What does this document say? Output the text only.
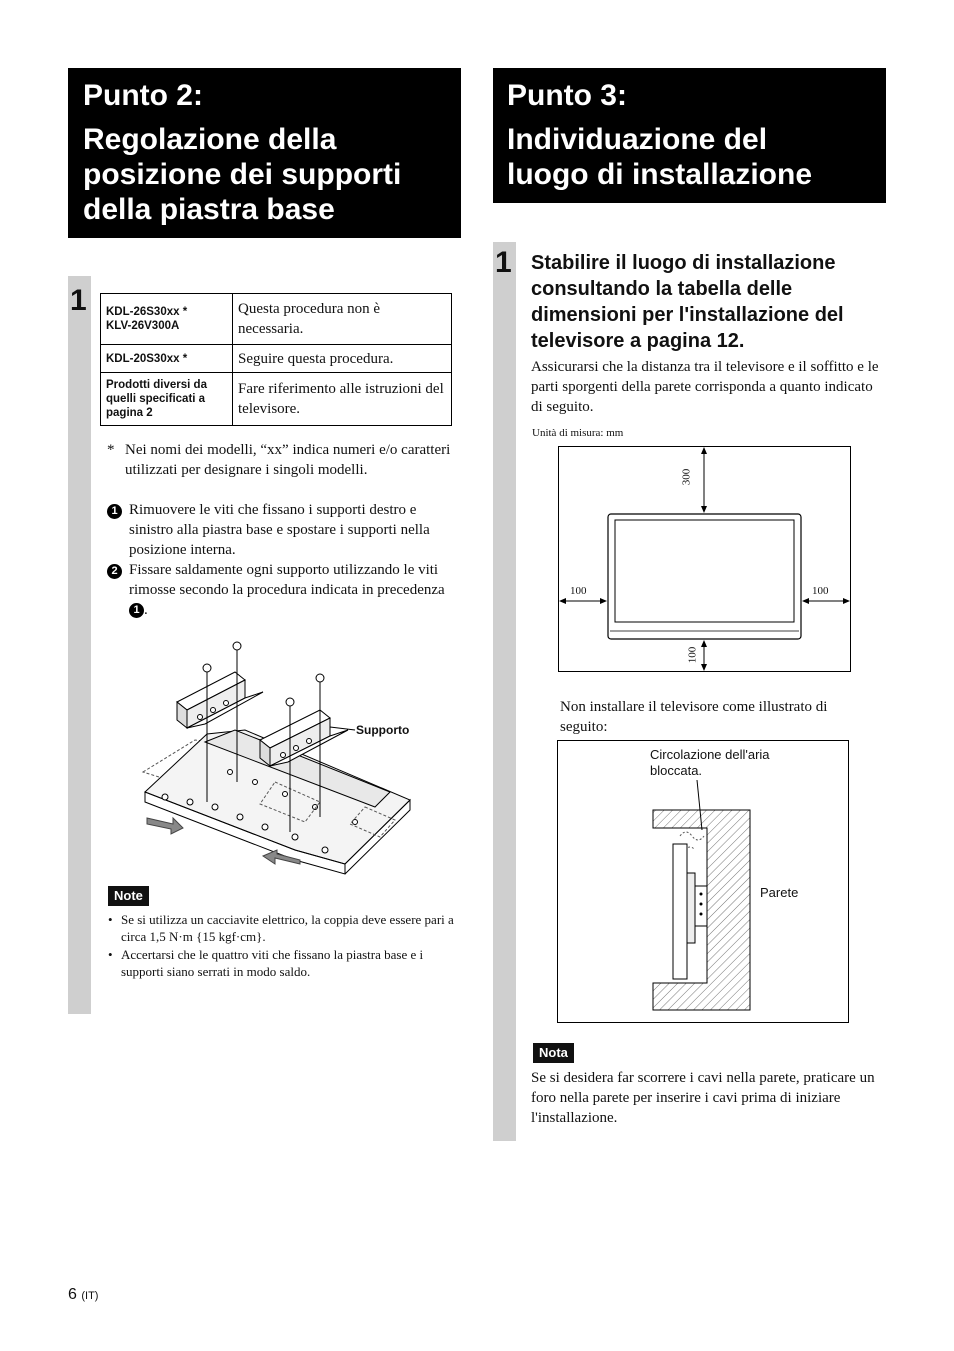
Punto 2:
Regolazione della
posizione dei supporti
della piastra base
1 KDL-26S30xx *
KLV-26V300A	Questa procedura non è necessaria.

KDL-20S30xx *	Seguire questa procedura.

Prodotti diversi da
quelli specificati a
pagina 2	Fare riferimento alle istruzioni del televisore.
* Nei nomi dei modelli, “xx” indica numeri e/o caratteri utilizzati per designare i singoli modelli.
1 Rimuovere le viti che fissano i supporti destro e sinistro alla piastra base e spostare i supporti nella posizione interna.
2 Fissare saldamente ogni supporto utilizzando le viti rimosse secondo la procedura indicata in precedenza 1 .
Supporto
Note
• Se si utilizza un cacciavite elettrico, la coppia deve essere pari a circa 1,5 N·m {15 kgf·cm}.
• Accertarsi che le quattro viti che fissano la piastra base e i supporti siano serrati in modo saldo.
Punto 3:
Individuazione del
luogo di installazione
1 Stabilire il luogo di installazione consultando la tabella delle dimensioni per l'installazione del televisore a pagina 12.
Assicurarsi che la distanza tra il televisore e il soffitto e le parti sporgenti della parete corrisponda a quanto indicato di seguito.
Unità di misura: mm
300
100	100
100
Non installare il televisore come illustrato di seguito:
Circolazione dell'aria
bloccata.
Parete
Nota
Se si desidera far scorrere i cavi nella parete, praticare un foro nella parete per inserire i cavi prima di iniziare l'installazione.
6 (IT)
